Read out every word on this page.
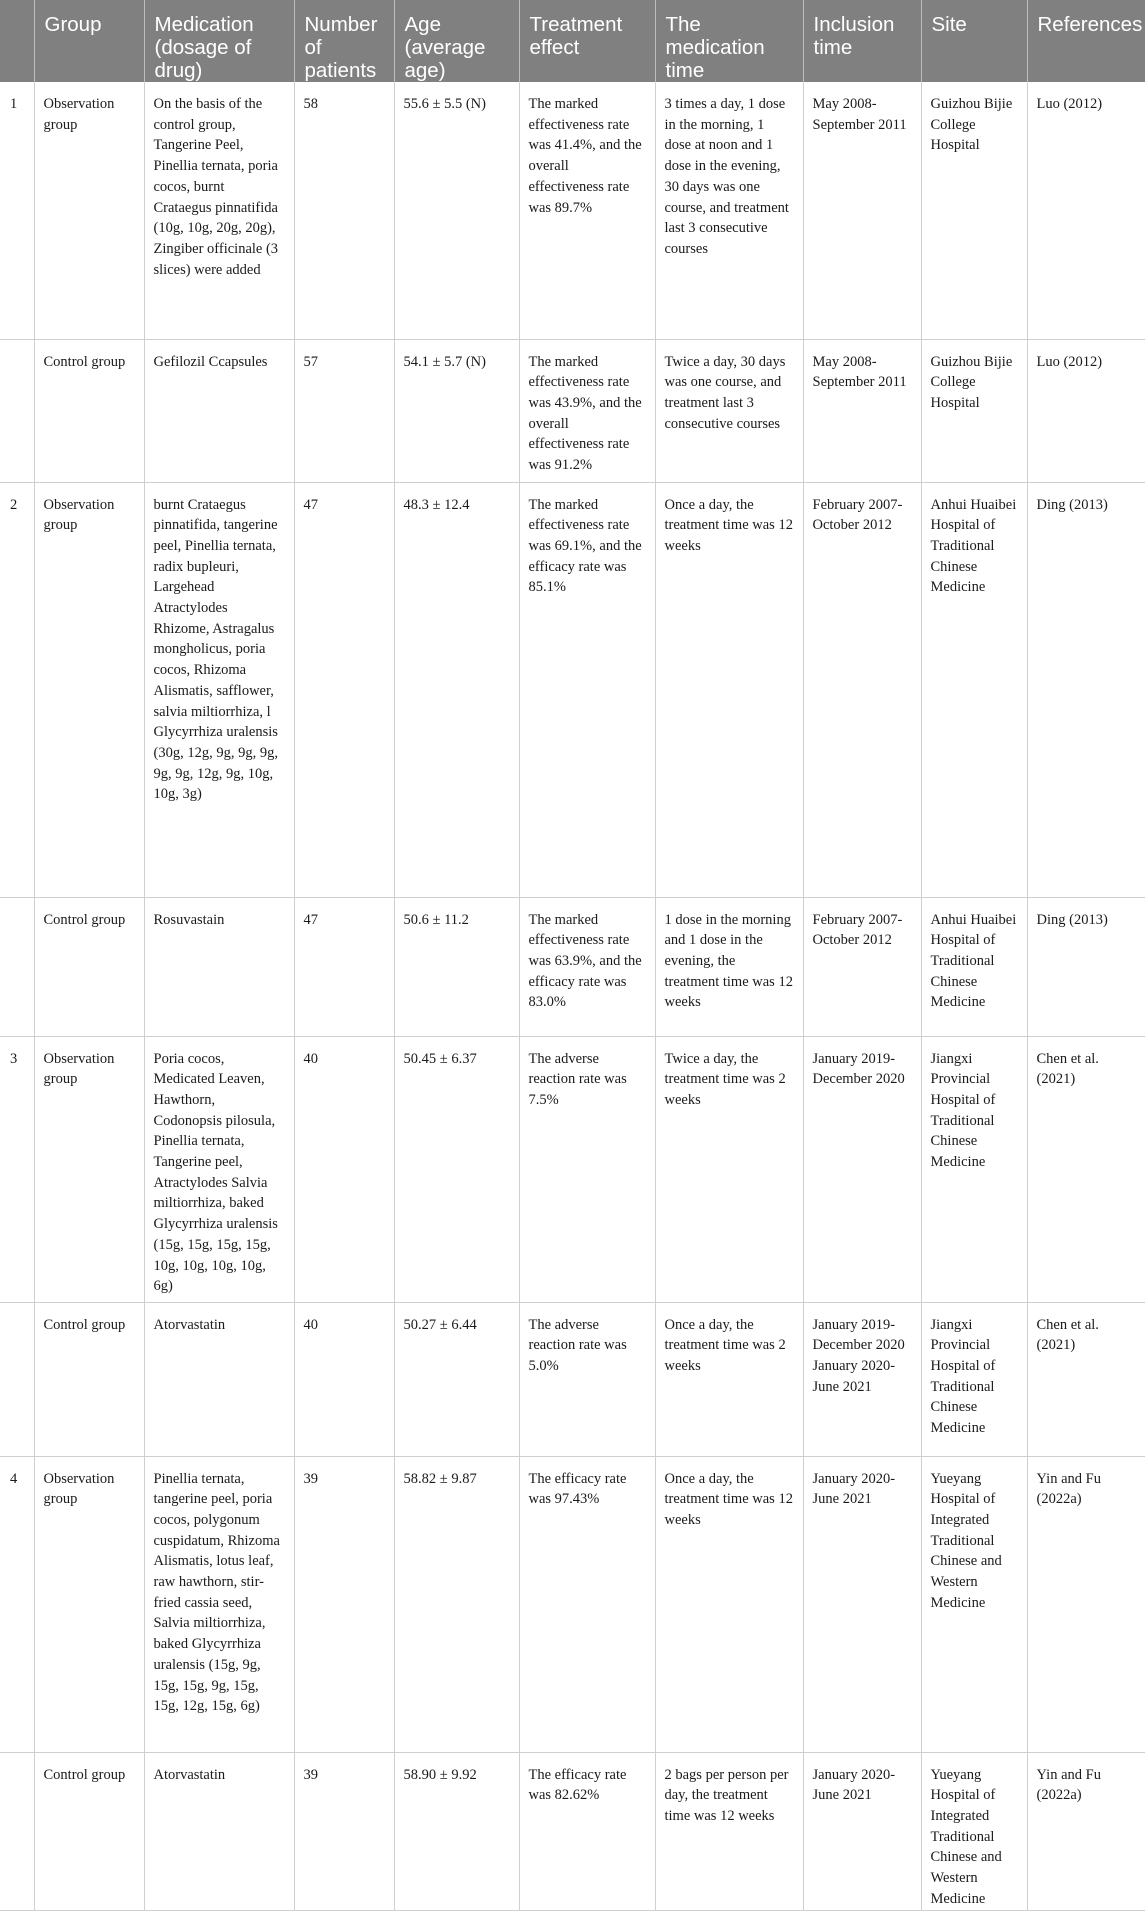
	Group	Medication (dosage of drug)	Number of patients	Age (average age)	Treatment effect	The medication time	Inclusion time	Site	References
1	Observation group	On the basis of the control group, Tangerine Peel, Pinellia ternata, poria cocos, burnt Crataegus pinnatifida (10g, 10g, 20g, 20g), Zingiber officinale (3 slices) were added	58	55.6 ± 5.5 (N)	The marked effectiveness rate was 41.4%, and the overall effectiveness rate was 89.7%	3 times a day, 1 dose in the morning, 1 dose at noon and 1 dose in the evening, 30 days was one course, and treatment last 3 consecutive courses	May 2008-September 2011	Guizhou Bijie College Hospital	Luo (2012)
	Control group	Gefilozil Ccapsules	57	54.1 ± 5.7 (N)	The marked effectiveness rate was 43.9%, and the overall effectiveness rate was 91.2%	Twice a day, 30 days was one course, and treatment last 3 consecutive courses	May 2008-September 2011	Guizhou Bijie College Hospital	Luo (2012)
2	Observation group	burnt Crataegus pinnatifida, tangerine peel, Pinellia ternata, radix bupleuri, Largehead Atractylodes Rhizome, Astragalus mongholicus, poria cocos, Rhizoma Alismatis, safflower, salvia miltiorrhiza, l Glycyrrhiza uralensis (30g, 12g, 9g, 9g, 9g, 9g, 9g, 12g, 9g, 10g, 10g, 3g)	47	48.3 ± 12.4	The marked effectiveness rate was 69.1%, and the efficacy rate was 85.1%	Once a day, the treatment time was 12 weeks	February 2007-October 2012	Anhui Huaibei Hospital of Traditional Chinese Medicine	Ding (2013)
	Control group	Rosuvastain	47	50.6 ± 11.2	The marked effectiveness rate was 63.9%, and the efficacy rate was 83.0%	1 dose in the morning and 1 dose in the evening, the treatment time was 12 weeks	February 2007-October 2012	Anhui Huaibei Hospital of Traditional Chinese Medicine	Ding (2013)
3	Observation group	Poria cocos, Medicated Leaven, Hawthorn, Codonopsis pilosula, Pinellia ternata, Tangerine peel, Atractylodes Salvia miltiorrhiza, baked Glycyrrhiza uralensis (15g, 15g, 15g, 15g, 10g, 10g, 10g, 10g, 6g)	40	50.45 ± 6.37	The adverse reaction rate was 7.5%	Twice a day, the treatment time was 2 weeks	January 2019-December 2020	Jiangxi Provincial Hospital of Traditional Chinese Medicine	Chen et al. (2021)
	Control group	Atorvastatin	40	50.27 ± 6.44	The adverse reaction rate was 5.0%	Once a day, the treatment time was 2 weeks	January 2019-December 2020 January 2020-June 2021	Jiangxi Provincial Hospital of Traditional Chinese Medicine	Chen et al. (2021)
4	Observation group	Pinellia ternata, tangerine peel, poria cocos, polygonum cuspidatum, Rhizoma Alismatis, lotus leaf, raw hawthorn, stir-fried cassia seed, Salvia miltiorrhiza, baked Glycyrrhiza uralensis (15g, 9g, 15g, 15g, 9g, 15g, 15g, 12g, 15g, 6g)	39	58.82 ± 9.87	The efficacy rate was 97.43%	Once a day, the treatment time was 12 weeks	January 2020-June 2021	Yueyang Hospital of Integrated Traditional Chinese and Western Medicine	Yin and Fu (2022a)
	Control group	Atorvastatin	39	58.90 ± 9.92	The efficacy rate was 82.62%	2 bags per person per day, the treatment time was 12 weeks	January 2020-June 2021	Yueyang Hospital of Integrated Traditional Chinese and Western Medicine	Yin and Fu (2022a)
